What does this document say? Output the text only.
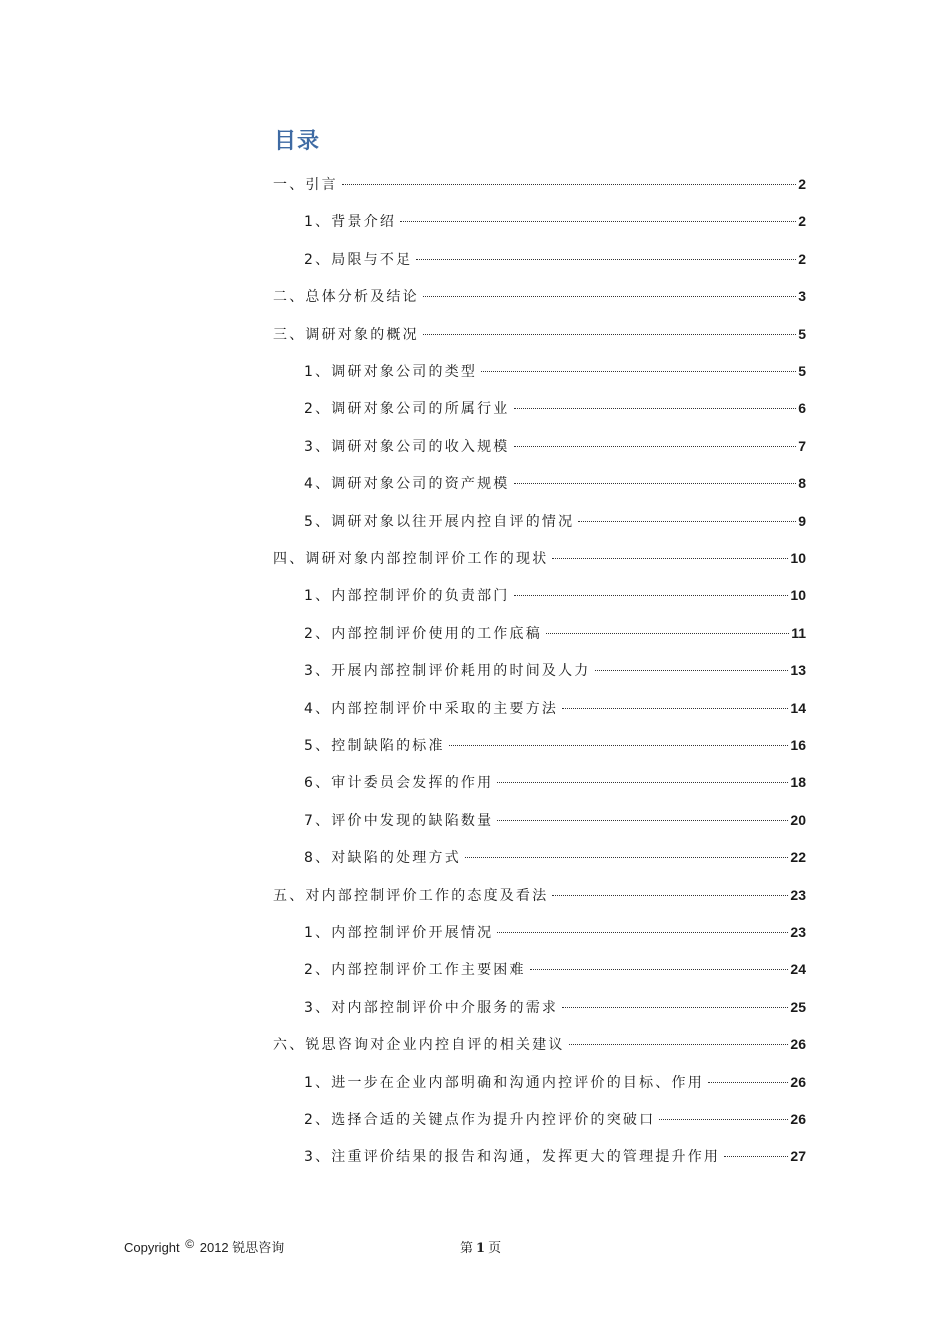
目录
一、引言	2
1、背景介绍	2
2、局限与不足	2
二、总体分析及结论	3
三、调研对象的概况	5
1、调研对象公司的类型	5
2、调研对象公司的所属行业	6
3、调研对象公司的收入规模	7
4、调研对象公司的资产规模	8
5、调研对象以往开展内控自评的情况	9
四、调研对象内部控制评价工作的现状	10
1、内部控制评价的负责部门	10
2、内部控制评价使用的工作底稿	11
3、开展内部控制评价耗用的时间及人力	13
4、内部控制评价中采取的主要方法	14
5、控制缺陷的标准	16
6、审计委员会发挥的作用	18
7、评价中发现的缺陷数量	20
8、对缺陷的处理方式	22
五、对内部控制评价工作的态度及看法	23
1、内部控制评价开展情况	23
2、内部控制评价工作主要困难	24
3、对内部控制评价中介服务的需求	25
六、锐思咨询对企业内控自评的相关建议	26
1、进一步在企业内部明确和沟通内控评价的目标、作用	26
2、选择合适的关键点作为提升内控评价的突破口	26
3、注重评价结果的报告和沟通，发挥更大的管理提升作用	27
Copyright © 2012 锐思咨询	第 1 页
